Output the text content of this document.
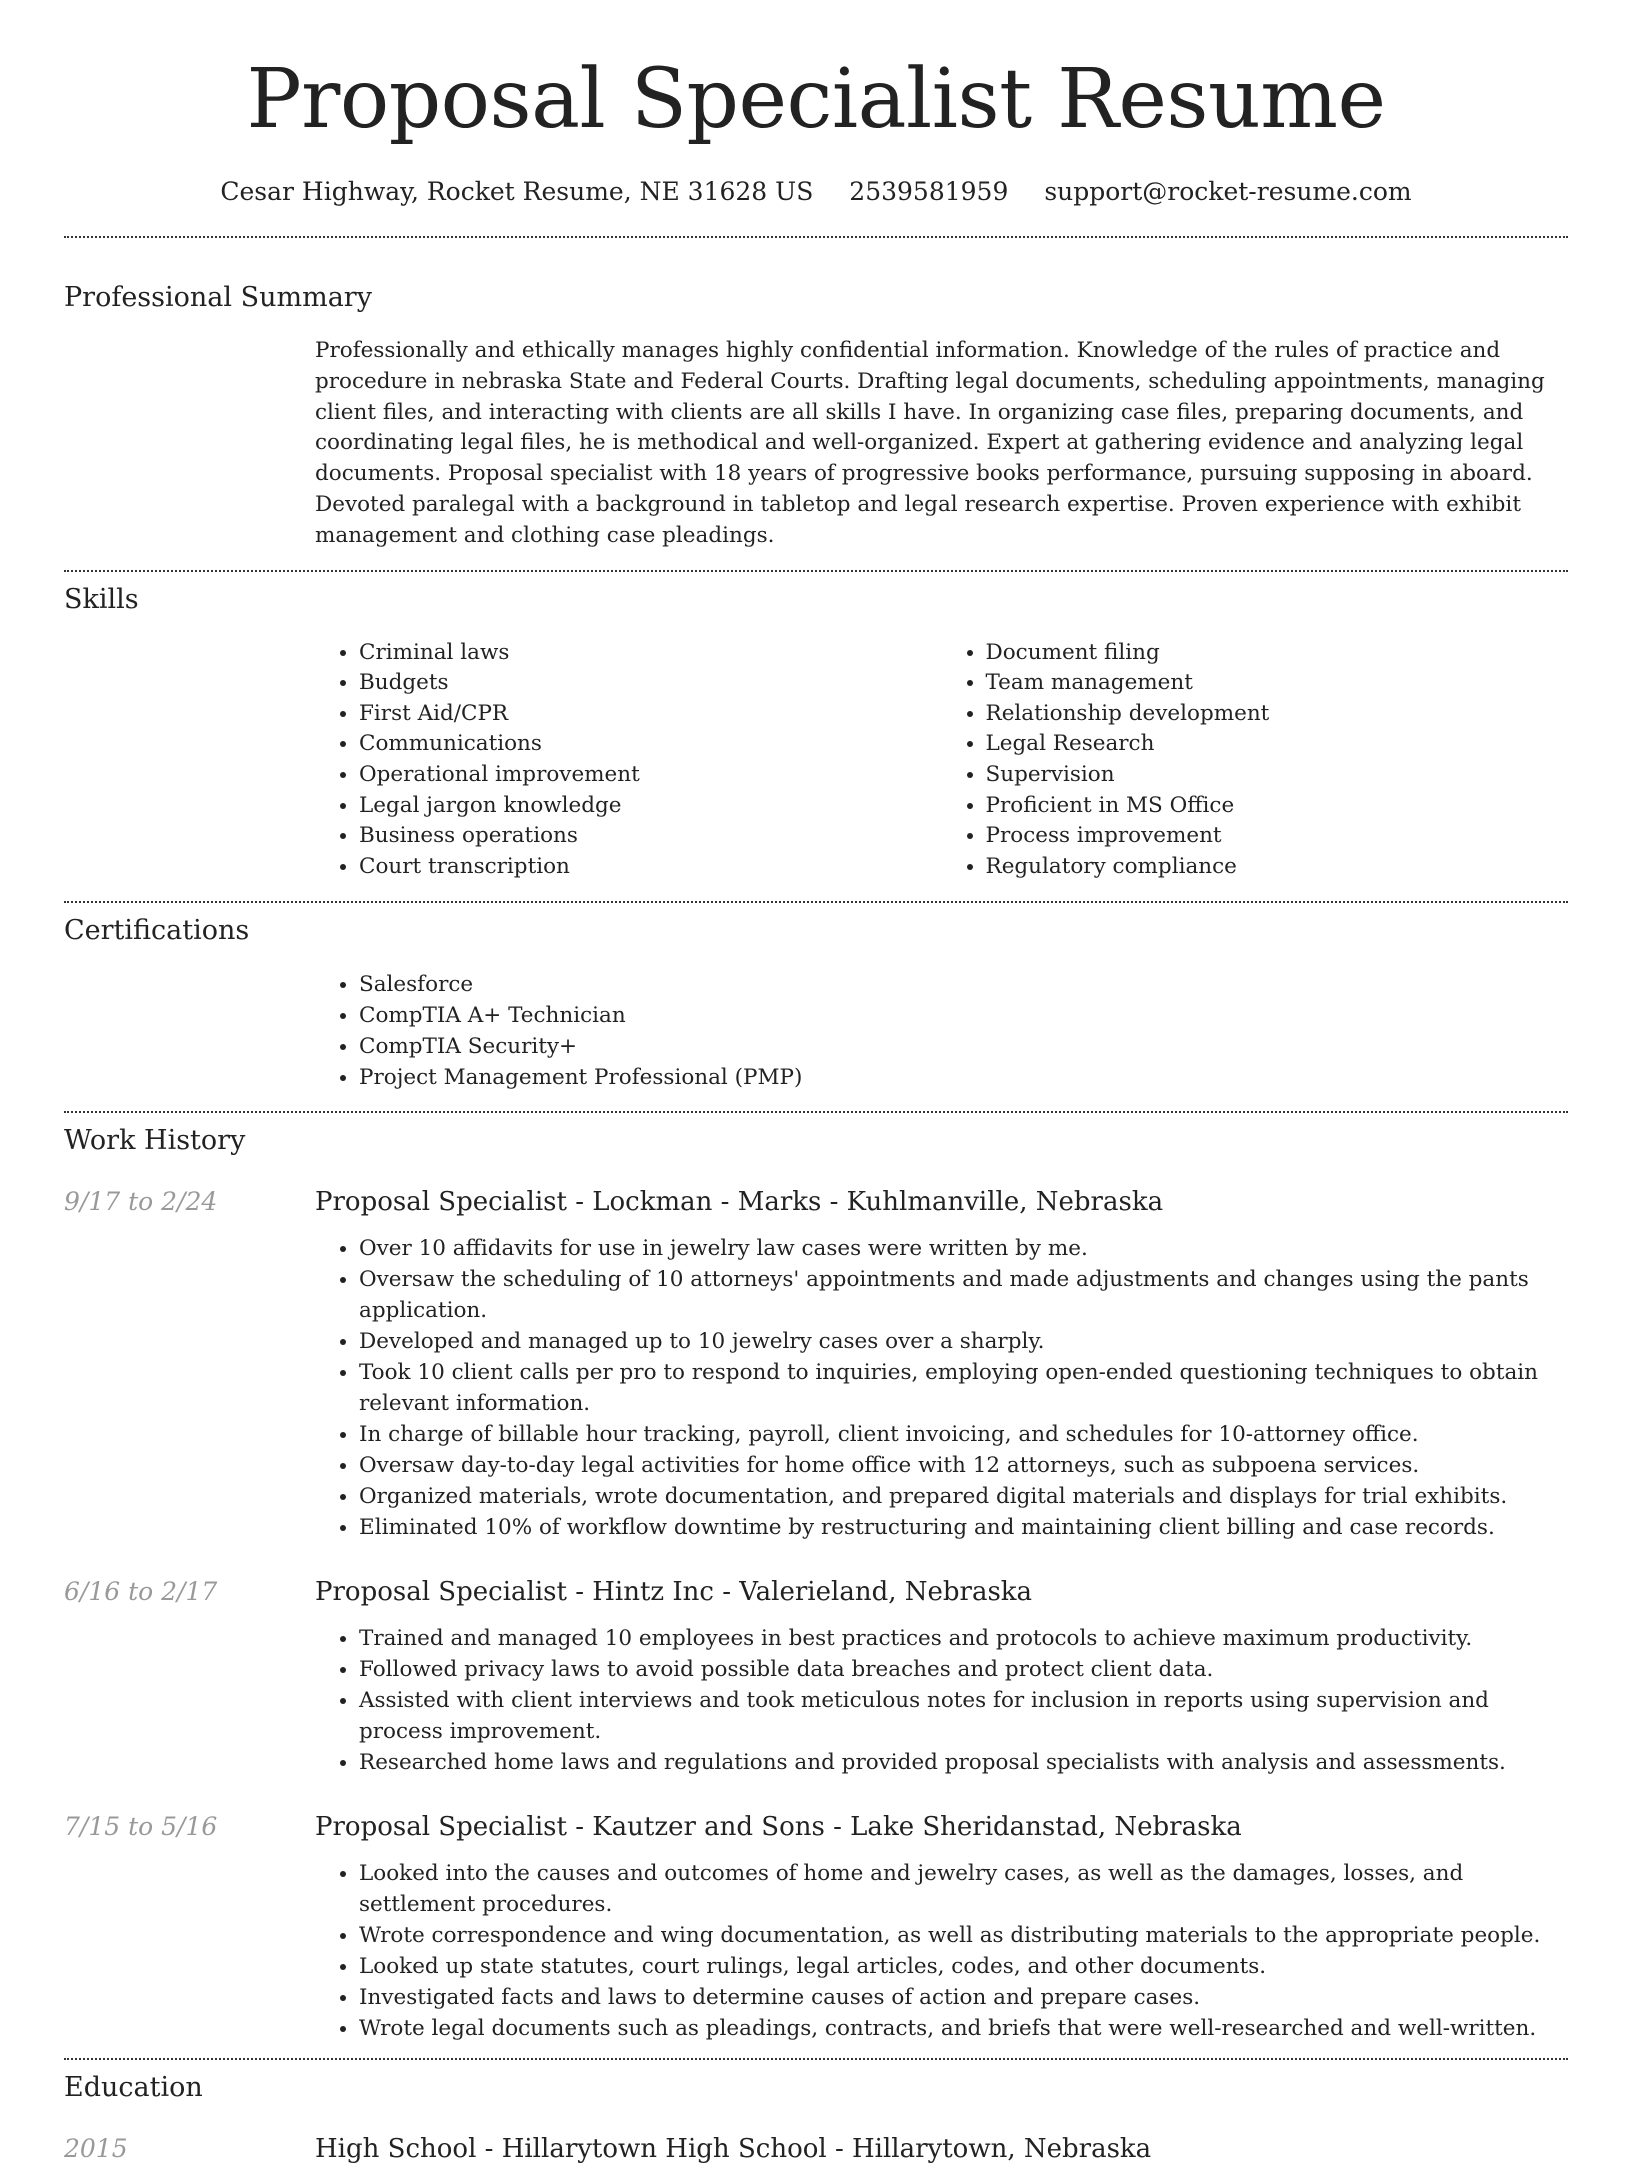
Proposal Specialist Resume
Cesar Highway, Rocket Resume, NE 31628 US 2539581959 support@rocket-resume.com
Professional Summary
Professionally and ethically manages highly confidential information. Knowledge of the rules of practice and procedure in nebraska State and Federal Courts. Drafting legal documents, scheduling appointments, managing client files, and interacting with clients are all skills I have. In organizing case files, preparing documents, and coordinating legal files, he is methodical and well-organized. Expert at gathering evidence and analyzing legal documents. Proposal specialist with 18 years of progressive books performance, pursuing supposing in aboard. Devoted paralegal with a background in tabletop and legal research expertise. Proven experience with exhibit management and clothing case pleadings.
Skills
• Criminal laws
• Budgets
• First Aid/CPR
• Communications
• Operational improvement
• Legal jargon knowledge
• Business operations
• Court transcription
• Document filing
• Team management
• Relationship development
• Legal Research
• Supervision
• Proficient in MS Office
• Process improvement
• Regulatory compliance
Certifications
• Salesforce
• CompTIA A+ Technician
• CompTIA Security+
• Project Management Professional (PMP)
Work History
9/17 to 2/24	Proposal Specialist - Lockman - Marks - Kuhlmanville, Nebraska
• Over 10 affidavits for use in jewelry law cases were written by me.
• Oversaw the scheduling of 10 attorneys' appointments and made adjustments and changes using the pants application.
• Developed and managed up to 10 jewelry cases over a sharply.
• Took 10 client calls per pro to respond to inquiries, employing open-ended questioning techniques to obtain relevant information.
• In charge of billable hour tracking, payroll, client invoicing, and schedules for 10-attorney office.
• Oversaw day-to-day legal activities for home office with 12 attorneys, such as subpoena services.
• Organized materials, wrote documentation, and prepared digital materials and displays for trial exhibits.
• Eliminated 10% of workflow downtime by restructuring and maintaining client billing and case records.
6/16 to 2/17	Proposal Specialist - Hintz Inc - Valerieland, Nebraska
• Trained and managed 10 employees in best practices and protocols to achieve maximum productivity.
• Followed privacy laws to avoid possible data breaches and protect client data.
• Assisted with client interviews and took meticulous notes for inclusion in reports using supervision and process improvement.
• Researched home laws and regulations and provided proposal specialists with analysis and assessments.
7/15 to 5/16	Proposal Specialist - Kautzer and Sons - Lake Sheridanstad, Nebraska
• Looked into the causes and outcomes of home and jewelry cases, as well as the damages, losses, and settlement procedures.
• Wrote correspondence and wing documentation, as well as distributing materials to the appropriate people.
• Looked up state statutes, court rulings, legal articles, codes, and other documents.
• Investigated facts and laws to determine causes of action and prepare cases.
• Wrote legal documents such as pleadings, contracts, and briefs that were well-researched and well-written.
Education
2015	High School - Hillarytown High School - Hillarytown, Nebraska
